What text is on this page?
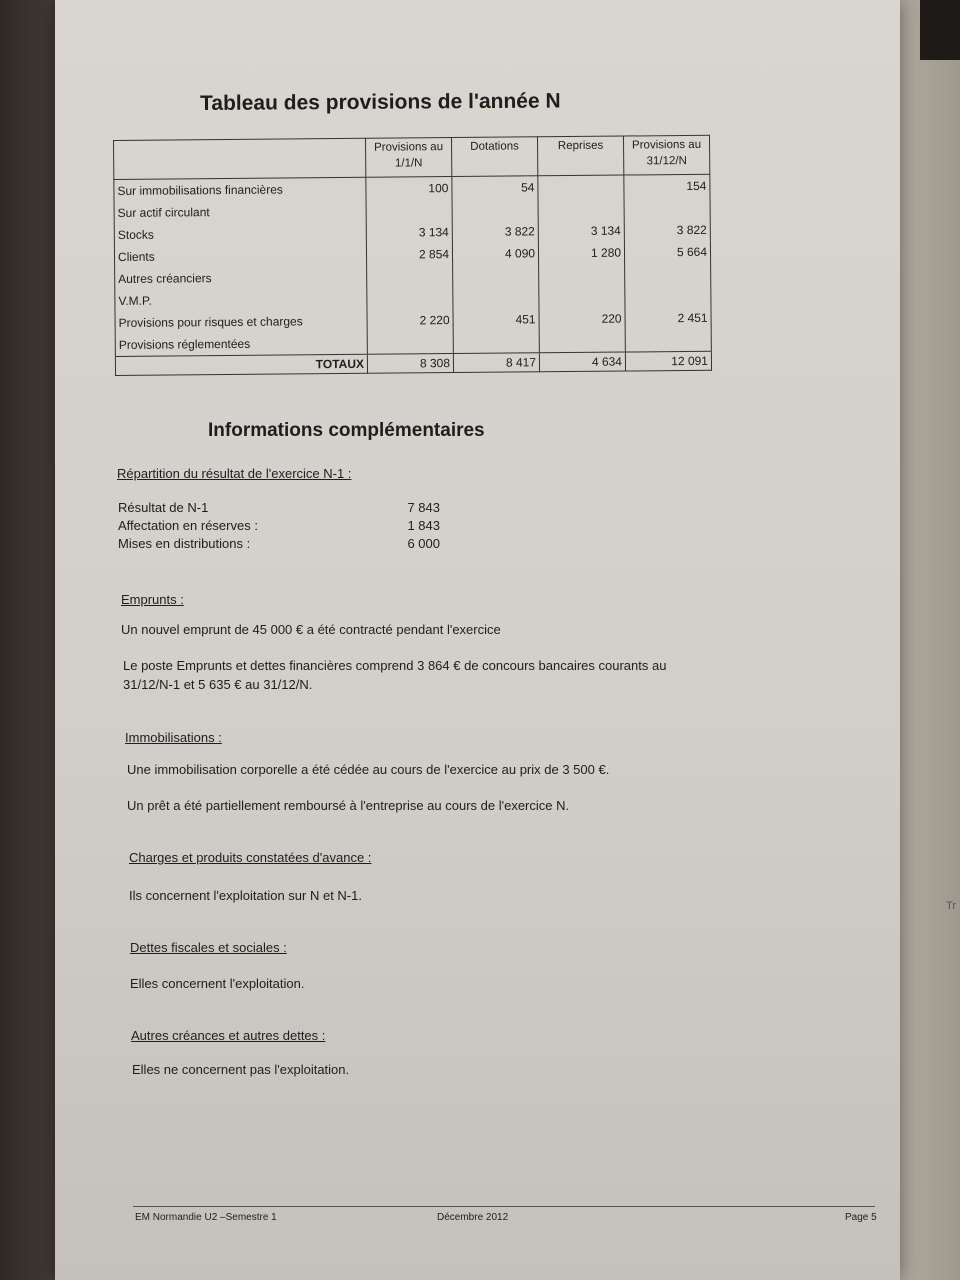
Tr
Tableau des provisions de l'année N
	Provisions au 1/1/N	Dotations	Reprises	Provisions au 31/12/N
Sur immobilisations financières	100	54		154
Sur actif circulant				
Stocks	3 134	3 822	3 134	3 822
Clients	2 854	4 090	1 280	5 664
Autres créanciers				
V.M.P.				
Provisions pour risques et charges	2 220	451	220	2 451
Provisions réglementées				
TOTAUX	8 308	8 417	4 634	12 091
Informations complémentaires
Répartition du résultat de l'exercice N-1 :
Résultat de N-1	7 843
Affectation en réserves :	1 843
Mises en distributions :	6 000
Emprunts :

Un nouvel emprunt de 45 000 € a été contracté pendant l'exercice

Le poste Emprunts et dettes financières comprend 3 864 € de concours bancaires courants au

31/12/N-1 et 5 635 € au 31/12/N.

Immobilisations :

Une immobilisation corporelle a été cédée au cours de l'exercice au prix de 3 500 €.

Un prêt a été partiellement remboursé à l'entreprise au cours de l'exercice N.

Charges et produits constatées d'avance :

Ils concernent l'exploitation sur N et N-1.

Dettes fiscales et sociales :

Elles concernent l'exploitation.

Autres créances et autres dettes :

Elles ne concernent pas l'exploitation.

EM Normandie U2 –Semestre 1	Décembre 2012	Page 5
